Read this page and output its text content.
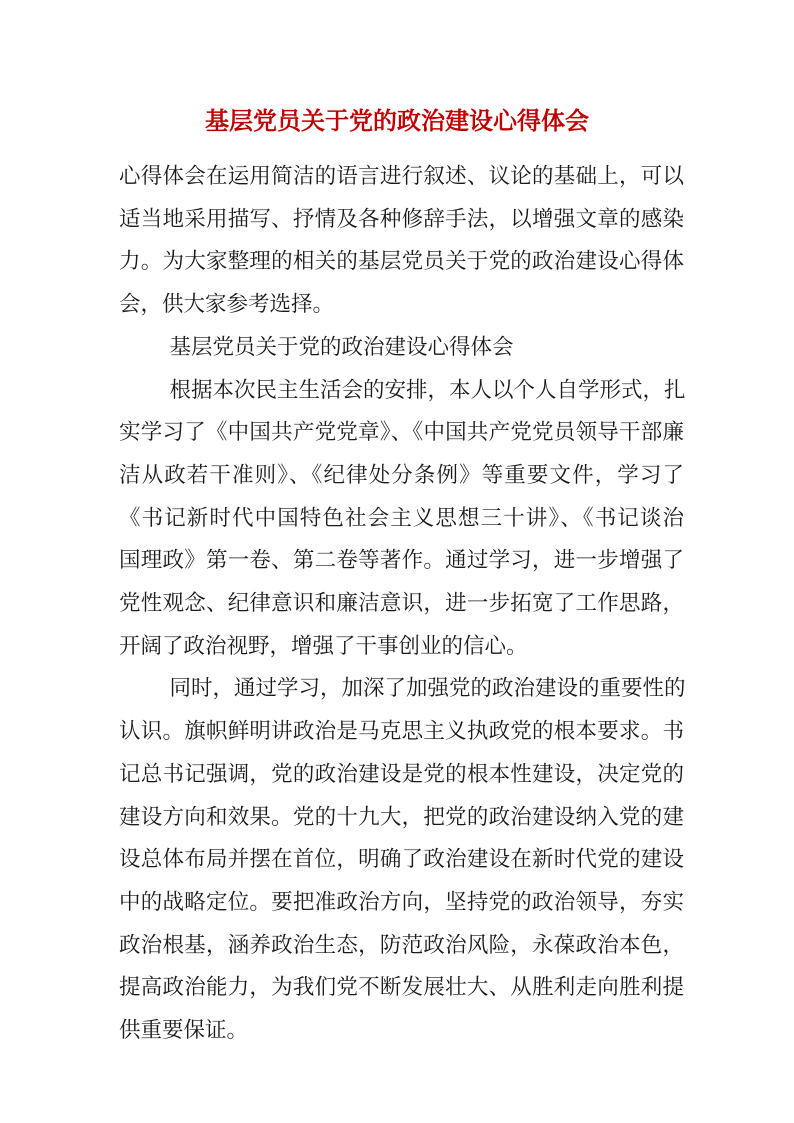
基层党员关于党的政治建设心得体会

心得体会在运用简洁的语言进行叙述、议论的基础上，可以
适当地采用描写、抒情及各种修辞手法，以增强文章的感染
力。为大家整理的相关的基层党员关于党的政治建设心得体
会，供大家参考选择。

基层党员关于党的政治建设心得体会

根据本次民主生活会的安排，本人以个人自学形式，扎
实学习了《中国共产党党章》、《中国共产党党员领导干部廉
洁从政若干准则》、《纪律处分条例》等重要文件，学习了
《书记新时代中国特色社会主义思想三十讲》、《书记谈治
国理政》第一卷、第二卷等著作。通过学习，进一步增强了
党性观念、纪律意识和廉洁意识，进一步拓宽了工作思路，
开阔了政治视野，增强了干事创业的信心。

同时，通过学习，加深了加强党的政治建设的重要性的
认识。旗帜鲜明讲政治是马克思主义执政党的根本要求。书
记总书记强调，党的政治建设是党的根本性建设，决定党的
建设方向和效果。党的十九大，把党的政治建设纳入党的建
设总体布局并摆在首位，明确了政治建设在新时代党的建设
中的战略定位。要把准政治方向，坚持党的政治领导，夯实
政治根基，涵养政治生态，防范政治风险，永葆政治本色，
提高政治能力，为我们党不断发展壮大、从胜利走向胜利提
供重要保证。
